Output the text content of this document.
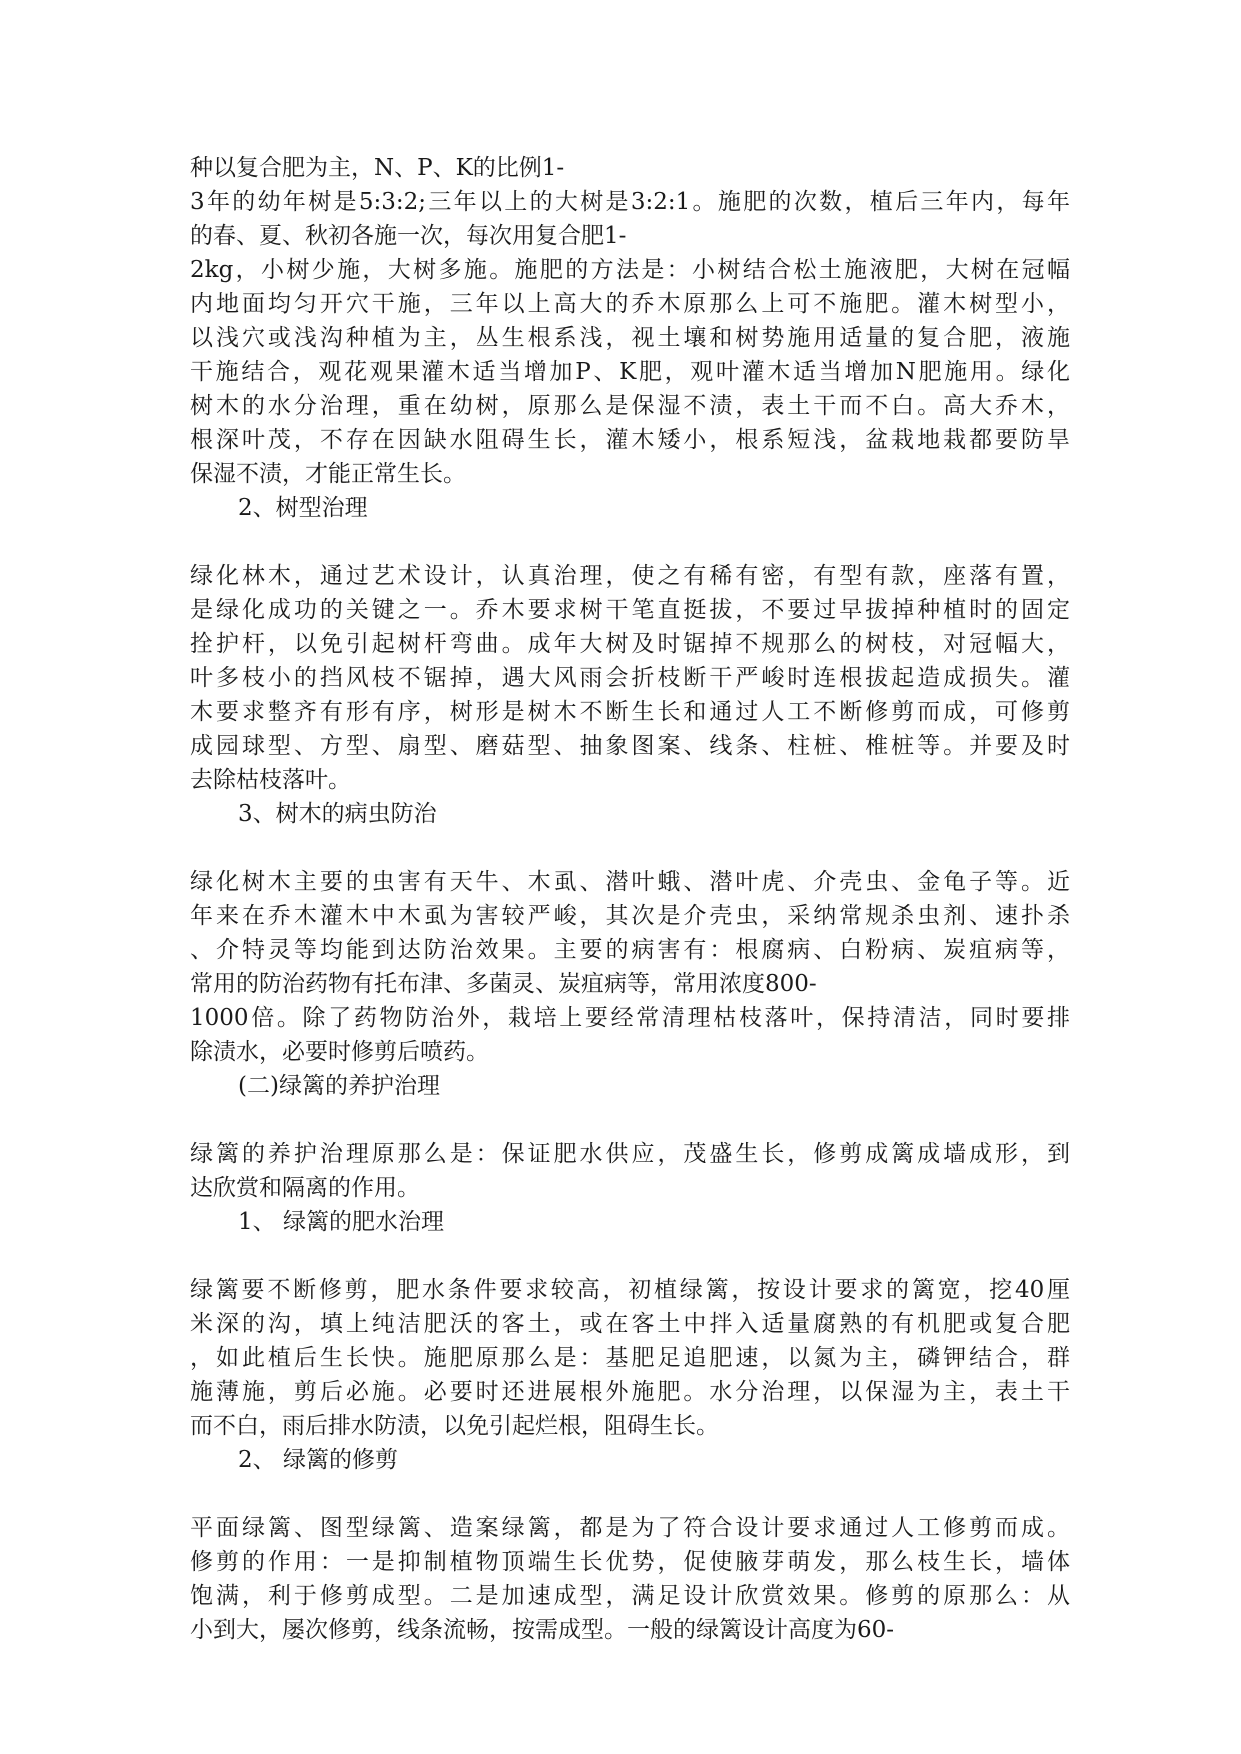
种以复合肥为主，N、P、K的比例1-
3年的幼年树是5:3:2;三年以上的大树是3:2:1。施肥的次数，植后三年内，每年
的春、夏、秋初各施一次，每次用复合肥1-
2kg，小树少施，大树多施。施肥的方法是：小树结合松土施液肥，大树在冠幅
内地面均匀开穴干施，三年以上高大的乔木原那么上可不施肥。灌木树型小，
以浅穴或浅沟种植为主，丛生根系浅，视土壤和树势施用适量的复合肥，液施
干施结合，观花观果灌木适当增加P、K肥，观叶灌木适当增加N肥施用。绿化
树木的水分治理，重在幼树，原那么是保湿不渍，表土干而不白。高大乔木，
根深叶茂，不存在因缺水阻碍生长，灌木矮小，根系短浅，盆栽地栽都要防旱
保湿不渍，才能正常生长。
2、树型治理
绿化林木，通过艺术设计，认真治理，使之有稀有密，有型有款，座落有置，
是绿化成功的关键之一。乔木要求树干笔直挺拔，不要过早拔掉种植时的固定
拴护杆，以免引起树杆弯曲。成年大树及时锯掉不规那么的树枝，对冠幅大，
叶多枝小的挡风枝不锯掉，遇大风雨会折枝断干严峻时连根拔起造成损失。灌
木要求整齐有形有序，树形是树木不断生长和通过人工不断修剪而成，可修剪
成园球型、方型、扇型、磨菇型、抽象图案、线条、柱桩、椎桩等。并要及时
去除枯枝落叶。
3、树木的病虫防治
绿化树木主要的虫害有天牛、木虱、潜叶蛾、潜叶虎、介壳虫、金龟子等。近
年来在乔木灌木中木虱为害较严峻，其次是介壳虫，采纳常规杀虫剂、速扑杀
、介特灵等均能到达防治效果。主要的病害有：根腐病、白粉病、炭疽病等，
常用的防治药物有托布津、多菌灵、炭疽病等，常用浓度800-
1000倍。除了药物防治外，栽培上要经常清理枯枝落叶，保持清洁，同时要排
除渍水，必要时修剪后喷药。
(二)绿篱的养护治理
绿篱的养护治理原那么是：保证肥水供应，茂盛生长，修剪成篱成墙成形，到
达欣赏和隔离的作用。
1、 绿篱的肥水治理
绿篱要不断修剪，肥水条件要求较高，初植绿篱，按设计要求的篱宽，挖40厘
米深的沟，填上纯洁肥沃的客土，或在客土中拌入适量腐熟的有机肥或复合肥
，如此植后生长快。施肥原那么是：基肥足追肥速，以氮为主，磷钾结合，群
施薄施，剪后必施。必要时还进展根外施肥。水分治理，以保湿为主，表土干
而不白，雨后排水防渍，以免引起烂根，阻碍生长。
2、 绿篱的修剪
平面绿篱、图型绿篱、造案绿篱，都是为了符合设计要求通过人工修剪而成。
修剪的作用：一是抑制植物顶端生长优势，促使腋芽萌发，那么枝生长，墙体
饱满，利于修剪成型。二是加速成型，满足设计欣赏效果。修剪的原那么：从
小到大，屡次修剪，线条流畅，按需成型。一般的绿篱设计高度为60-
